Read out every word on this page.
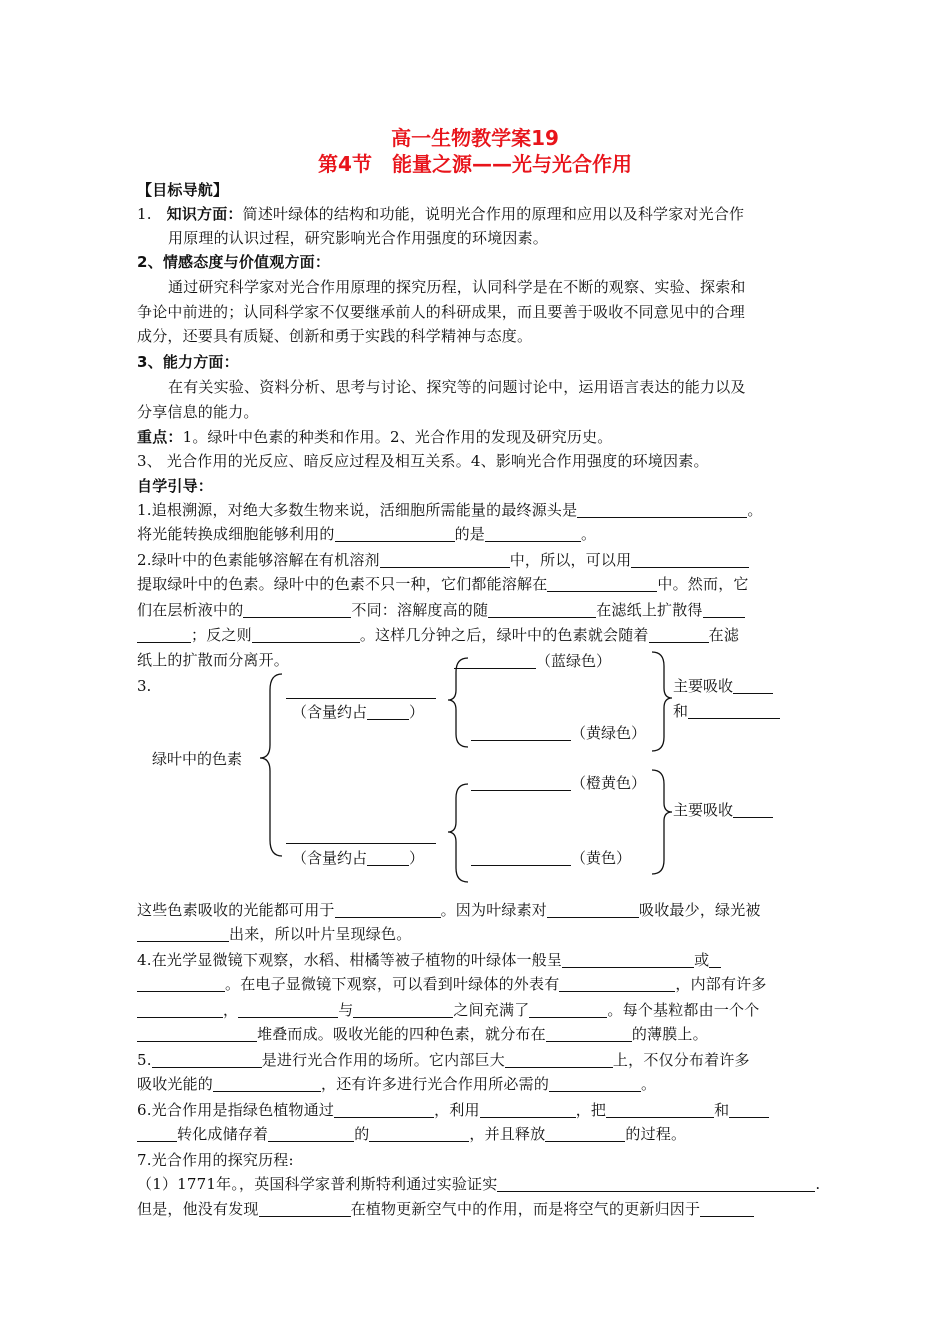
高一生物教学案19
第4节　能量之源——光与光合作用
【目标导航】
1. 知识方面：简述叶绿体的结构和功能，说明光合作用的原理和应用以及科学家对光合作
用原理的认识过程，研究影响光合作用强度的环境因素。
2、情感态度与价值观方面：
通过研究科学家对光合作用原理的探究历程，认同科学是在不断的观察、实验、探索和
争论中前进的；认同科学家不仅要继承前人的科研成果，而且要善于吸收不同意见中的合理
成分，还要具有质疑、创新和勇于实践的科学精神与态度。
3、能力方面：
在有关实验、资料分析、思考与讨论、探究等的问题讨论中，运用语言表达的能力以及
分享信息的能力。
重点：1。绿叶中色素的种类和作用。2、光合作用的发现及研究历史。
3、 光合作用的光反应、暗反应过程及相互关系。4、影响光合作用强度的环境因素。
自学引导：
1.追根溯源，对绝大多数生物来说，活细胞所需能量的最终源头是	。
将光能转换成细胞能够利用的	的是	。
2.绿叶中的色素能够溶解在有机溶剂	中，所以，可以用
提取绿叶中的色素。绿叶中的色素不只一种，它们都能溶解在	中。然而，它
们在层析液中的	不同：溶解度高的随	在滤纸上扩散得
；反之则	。这样几分钟之后，绿叶中的色素就会随着	在滤
纸上的扩散而分离开。
3.
绿叶中的色素
（含量约占	）
（含量约占	）
（蓝绿色）
（黄绿色）
（橙黄色）
（黄色）
主要吸收
和
主要吸收
这些色素吸收的光能都可用于	。因为叶绿素对	吸收最少，绿光被
出来，所以叶片呈现绿色。
4.在光学显微镜下观察，水稻、柑橘等被子植物的叶绿体一般呈	或
。在电子显微镜下观察，可以看到叶绿体的外表有	，内部有许多
，	与	之间充满了	。每个基粒都由一个个
堆叠而成。吸收光能的四种色素，就分布在	的薄膜上。
5.	是进行光合作用的场所。它内部巨大	上，不仅分布着许多
吸收光能的	，还有许多进行光合作用所必需的	。
6.光合作用是指绿色植物通过	，利用	，把	和
转化成储存着	的	，并且释放	的过程。
7.光合作用的探究历程:
（1）1771年。，英国科学家普利斯特利通过实验证实	.
但是，他没有发现	在植物更新空气中的作用，而是将空气的更新归因于
